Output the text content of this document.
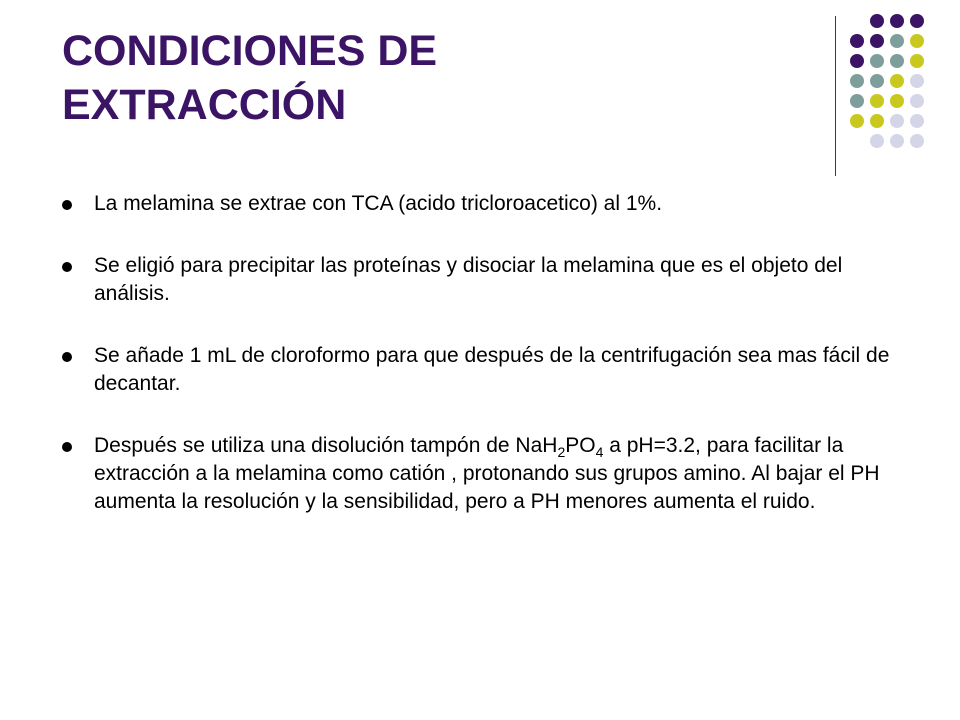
CONDICIONES DE
EXTRACCIÓN
La melamina se extrae con TCA (acido tricloroacetico) al 1%.
Se eligió para precipitar las proteínas y disociar la melamina que es el objeto del análisis.
Se añade 1 mL de cloroformo para que después de la centrifugación sea mas fácil de decantar.
Después se utiliza una disolución tampón de $NaH_2PO_4$ a pH=3.2, para facilitar la extracción a la melamina como catión , protonando sus grupos amino. Al bajar el PH aumenta la resolución y la sensibilidad, pero a PH menores aumenta el ruido.
